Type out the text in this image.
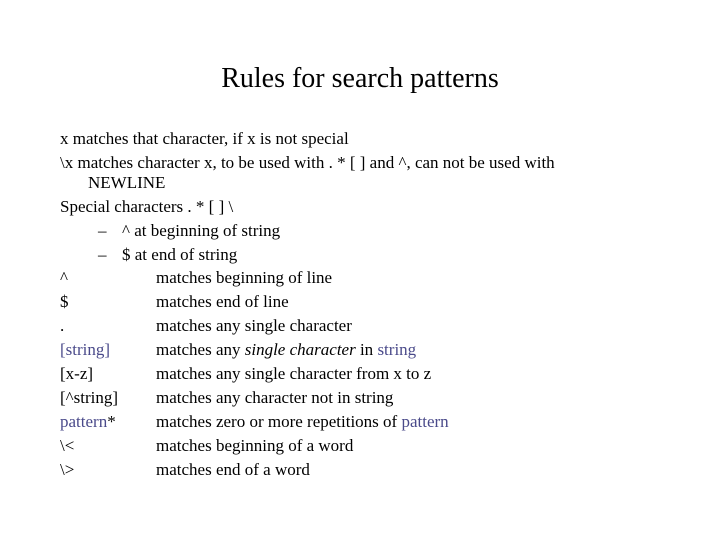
Rules for search patterns
x matches that character, if x is not special
\x matches character x, to be used with . * [ ] and ^, can not be used with
NEWLINE
Special characters . * [ ] \
– ^ at beginning of string
– $ at end of string
^	matches beginning of line
$	matches end of line
.	matches any single character
[string]	matches any single character in string
[x-z]	matches any single character from x to z
[^string] matches any character not in string
pattern* matches zero or more repetitions of pattern
\<	matches beginning of a word
\>	matches end of a word
